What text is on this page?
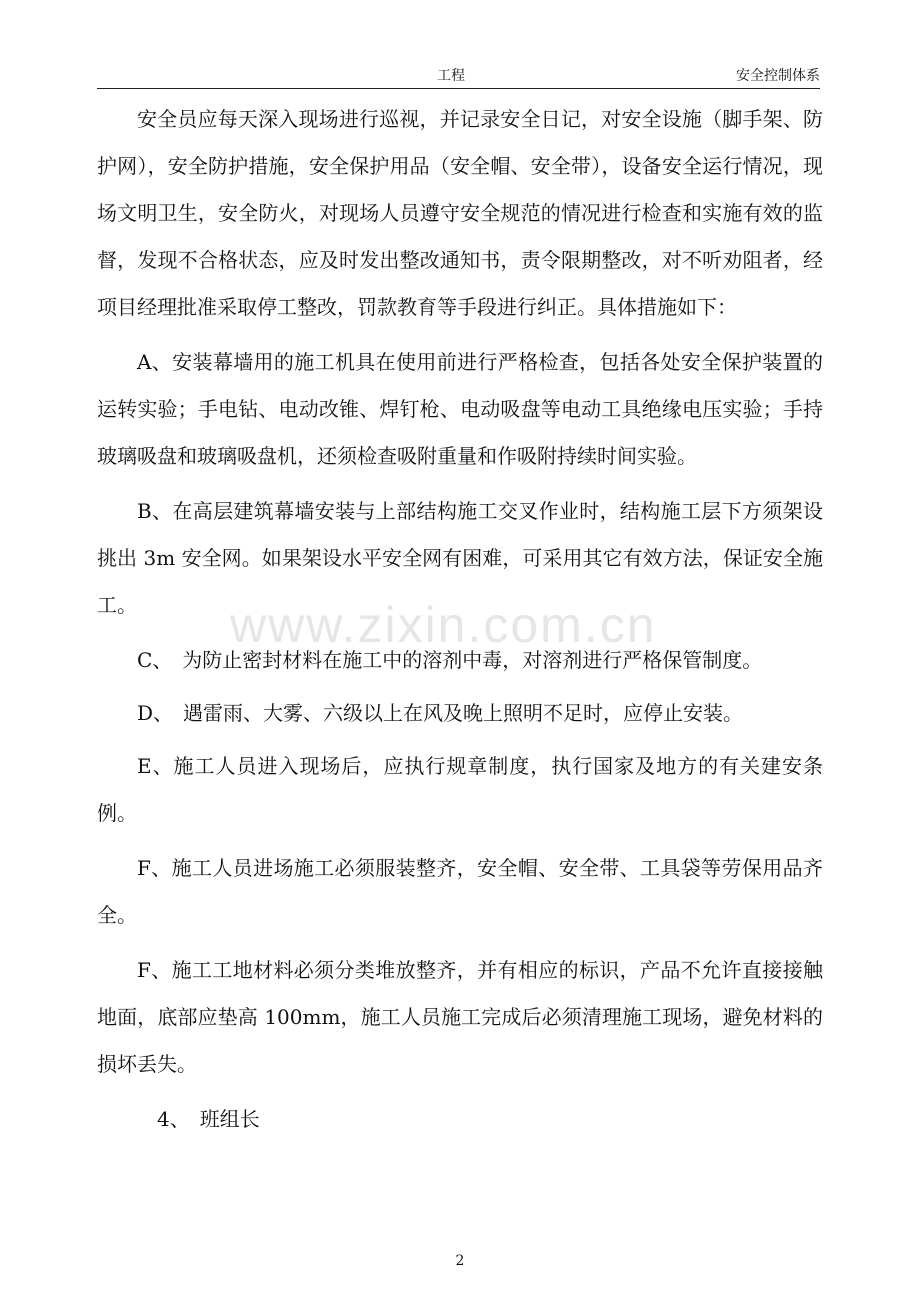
工程	安全控制体系
www.zixin.com.cn

安全员应每天深入现场进行巡视，并记录安全日记，对安全设施（脚手架、防护网），安全防护措施，安全保护用品（安全帽、安全带），设备安全运行情况，现场文明卫生，安全防火，对现场人员遵守安全规范的情况进行检查和实施有效的监督，发现不合格状态，应及时发出整改通知书，责令限期整改，对不听劝阻者，经项目经理批准采取停工整改，罚款教育等手段进行纠正。具体措施如下：

A、安装幕墙用的施工机具在使用前进行严格检查，包括各处安全保护装置的运转实验；手电钻、电动改锥、焊钉枪、电动吸盘等电动工具绝缘电压实验；手持玻璃吸盘和玻璃吸盘机，还须检查吸附重量和作吸附持续时间实验。

B、在高层建筑幕墙安装与上部结构施工交叉作业时，结构施工层下方须架设挑出 3m 安全网。如果架设水平安全网有困难，可采用其它有效方法，保证安全施工。

C、　为防止密封材料在施工中的溶剂中毒，对溶剂进行严格保管制度。

D、　遇雷雨、大雾、六级以上在风及晚上照明不足时，应停止安装。

E、施工人员进入现场后，应执行规章制度，执行国家及地方的有关建安条例。

F、施工人员进场施工必须服装整齐，安全帽、安全带、工具袋等劳保用品齐全。

F、施工工地材料必须分类堆放整齐，并有相应的标识，产品不允许直接接触地面，底部应垫高 100mm，施工人员施工完成后必须清理施工现场，避免材料的损坏丢失。

4、　班组长

2
